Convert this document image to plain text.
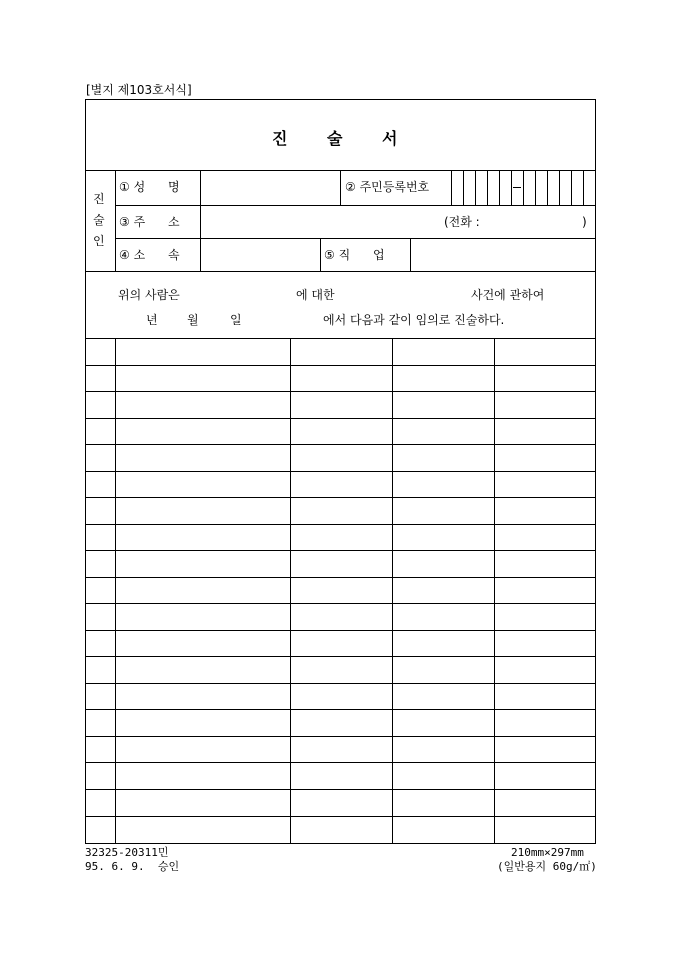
[별지 제103호서식]
진 술 서
진
술
인
① 성      명	② 주민등록번호
③ 주      소	(전화 :	)
④ 소      속	⑤ 직      업
위의 사람은	에 대한	사건에 관하여
년 월	일	에서 다음과 같이 임의로 진술하다.
32325-20311민
95. 6. 9.  승인
210mm×297mm
(일반용지 60g/㎡)
